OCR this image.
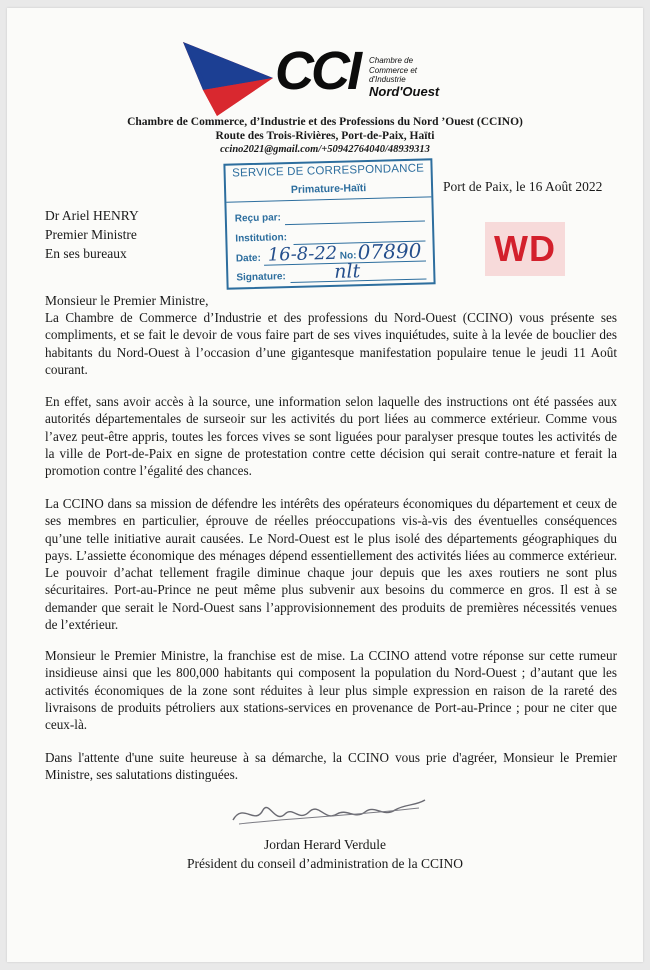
CCI Chambre de
Commerce et
d'Industrie
Nord'Ouest
Chambre de Commerce, d’Industrie et des Professions du Nord ’Ouest (CCINO)
Route des Trois-Rivières, Port-de-Paix, Haïti
ccino2021@gmail.com/+50942764040/48939313
SERVICE DE CORRESPONDANCE
Primature-Haïti
Reçu par:
Institution:
Date:	No:
16-8-22 07890
Signature:	nlt
Port de Paix, le 16 Août 2022
Dr Ariel HENRY
Premier Ministre
En ses bureaux	WD
Monsieur le Premier Ministre,
La Chambre de Commerce d’Industrie et des professions du Nord-Ouest (CCINO) vous présente ses compliments, et se fait le devoir de vous faire part de ses vives inquiétudes, suite à la levée de bouclier des habitants du Nord-Ouest à l’occasion d’une gigantesque manifestation populaire tenue le jeudi 11 Août courant.
En effet, sans avoir accès à la source, une information selon laquelle des instructions ont été passées aux autorités départementales de surseoir sur les activités du port liées au commerce extérieur. Comme vous l’avez peut-être appris, toutes les forces vives se sont liguées pour paralyser presque toutes les activités de la ville de Port-de-Paix en signe de protestation contre cette décision qui serait contre-nature et ferait la promotion contre l’égalité des chances.
La CCINO dans sa mission de défendre les intérêts des opérateurs économiques du département et ceux de ses membres en particulier, éprouve de réelles préoccupations vis-à-vis des éventuelles conséquences qu’une telle initiative aurait causées. Le Nord-Ouest est le plus isolé des départements géographiques du pays. L’assiette économique des ménages dépend essentiellement des activités liées au commerce extérieur. Le pouvoir d’achat tellement fragile diminue chaque jour depuis que les axes routiers ne sont plus sécuritaires. Port-au-Prince ne peut même plus subvenir aux besoins du commerce en gros. Il est à se demander que serait le Nord-Ouest sans l’approvisionnement des produits de premières nécessités venues de l’extérieur.
Monsieur le Premier Ministre, la franchise est de mise. La CCINO attend votre réponse sur cette rumeur insidieuse ainsi que les 800,000 habitants qui composent la population du Nord-Ouest ; d’autant que les activités économiques de la zone sont réduites à leur plus simple expression en raison de la rareté des livraisons de produits pétroliers aux stations-services en provenance de Port-au-Prince ; pour ne citer que ceux-là.
Dans l'attente d'une suite heureuse à sa démarche, la CCINO vous prie d'agréer, Monsieur le Premier Ministre, ses salutations distinguées.
Jordan Herard Verdule
Président du conseil d’administration de la CCINO
